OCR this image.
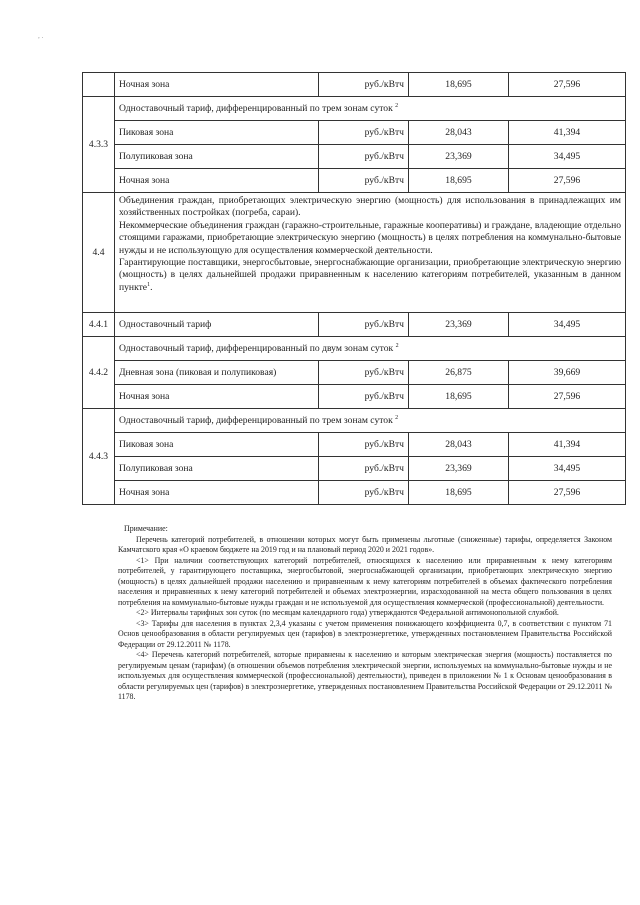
, .
	Ночная зона	руб./кВтч	18,695	27,596
4.3.3	Одноставочный тариф, дифференцированный по трем зонам суток $^2$
	Пиковая зона	руб./кВтч	28,043	41,394
	Полупиковая зона	руб./кВтч	23,369	34,495
	Ночная зона	руб./кВтч	18,695	27,596
4.4	Объединения граждан, приобретающих электрическую энергию (мощность) для использования в принадлежащих им хозяйственных постройках (погреба, сараи).

Некоммерческие объединения граждан (гаражно-строительные, гаражные кооперативы) и граждане, владеющие отдельно стоящими гаражами, приобретающие электрическую энергию (мощность) в целях потребления на коммунально-бытовые нужды и не использующую для осуществления коммерческой деятельности.

Гарантирующие поставщики, энергосбытовые, энергоснабжающие организации, приобретающие электрическую энергию (мощность) в целях дальнейшей продажи приравненным к населению категориям потребителей, указанным в данном пункте$^1$.			

4.4.1	Одноставочный тариф	руб./кВтч	23,369	34,495
4.4.2	Одноставочный тариф, дифференцированный по двум зонам суток $^2$
	Дневная зона (пиковая и полупиковая)	руб./кВтч	26,875	39,669
	Ночная зона	руб./кВтч	18,695	27,596
4.4.3	Одноставочный тариф, дифференцированный по трем зонам суток $^2$
	Пиковая зона	руб./кВтч	28,043	41,394
	Полупиковая зона	руб./кВтч	23,369	34,495
	Ночная зона	руб./кВтч	18,695	27,596

Примечание:

Перечень категорий потребителей, в отношении которых могут быть применены льготные (сниженные) тарифы, определяется Законом Камчатского края «О краевом бюджете на 2019 год и на плановый период 2020 и 2021 годов».

<1> При наличии соответствующих категорий потребителей, относящихся к населению или приравненным к нему категориям потребителей, у гарантирующего поставщика, энергосбытовой, энергоснабжающей организации, приобретающих электрическую энергию (мощность) в целях дальнейшей продажи населению и приравненным к нему категориям потребителей в объемах фактического потребления населения и приравненных к нему категорий потребителей и объемах электроэнергии, израсходованной на места общего пользования в целях потребления на коммунально-бытовые нужды граждан и не используемой для осуществления коммерческой (профессиональной) деятельности.

<2> Интервалы тарифных зон суток (по месяцам календарного года) утверждаются Федеральной антимонопольной службой.

<3> Тарифы для населения в пунктах 2,3,4 указаны с учетом применения понижающего коэффициента 0,7, в соответствии с пунктом 71 Основ ценообразования в области регулируемых цен (тарифов) в электроэнергетике, утвержденных постановлением Правительства Российской Федерации от 29.12.2011 № 1178.

<4> Перечень категорий потребителей, которые приравнены к населению и которым электрическая энергия (мощность) поставляется по регулируемым ценам (тарифам) (в отношении объемов потребления электрической энергии, используемых на коммунально-бытовые нужды и не используемых для осуществления коммерческой (профессиональной) деятельности), приведен в приложении № 1 к Основам ценообразования в области регулируемых цен (тарифов) в электроэнергетике, утвержденных постановлением Правительства Российской Федерации от 29.12.2011 № 1178.
